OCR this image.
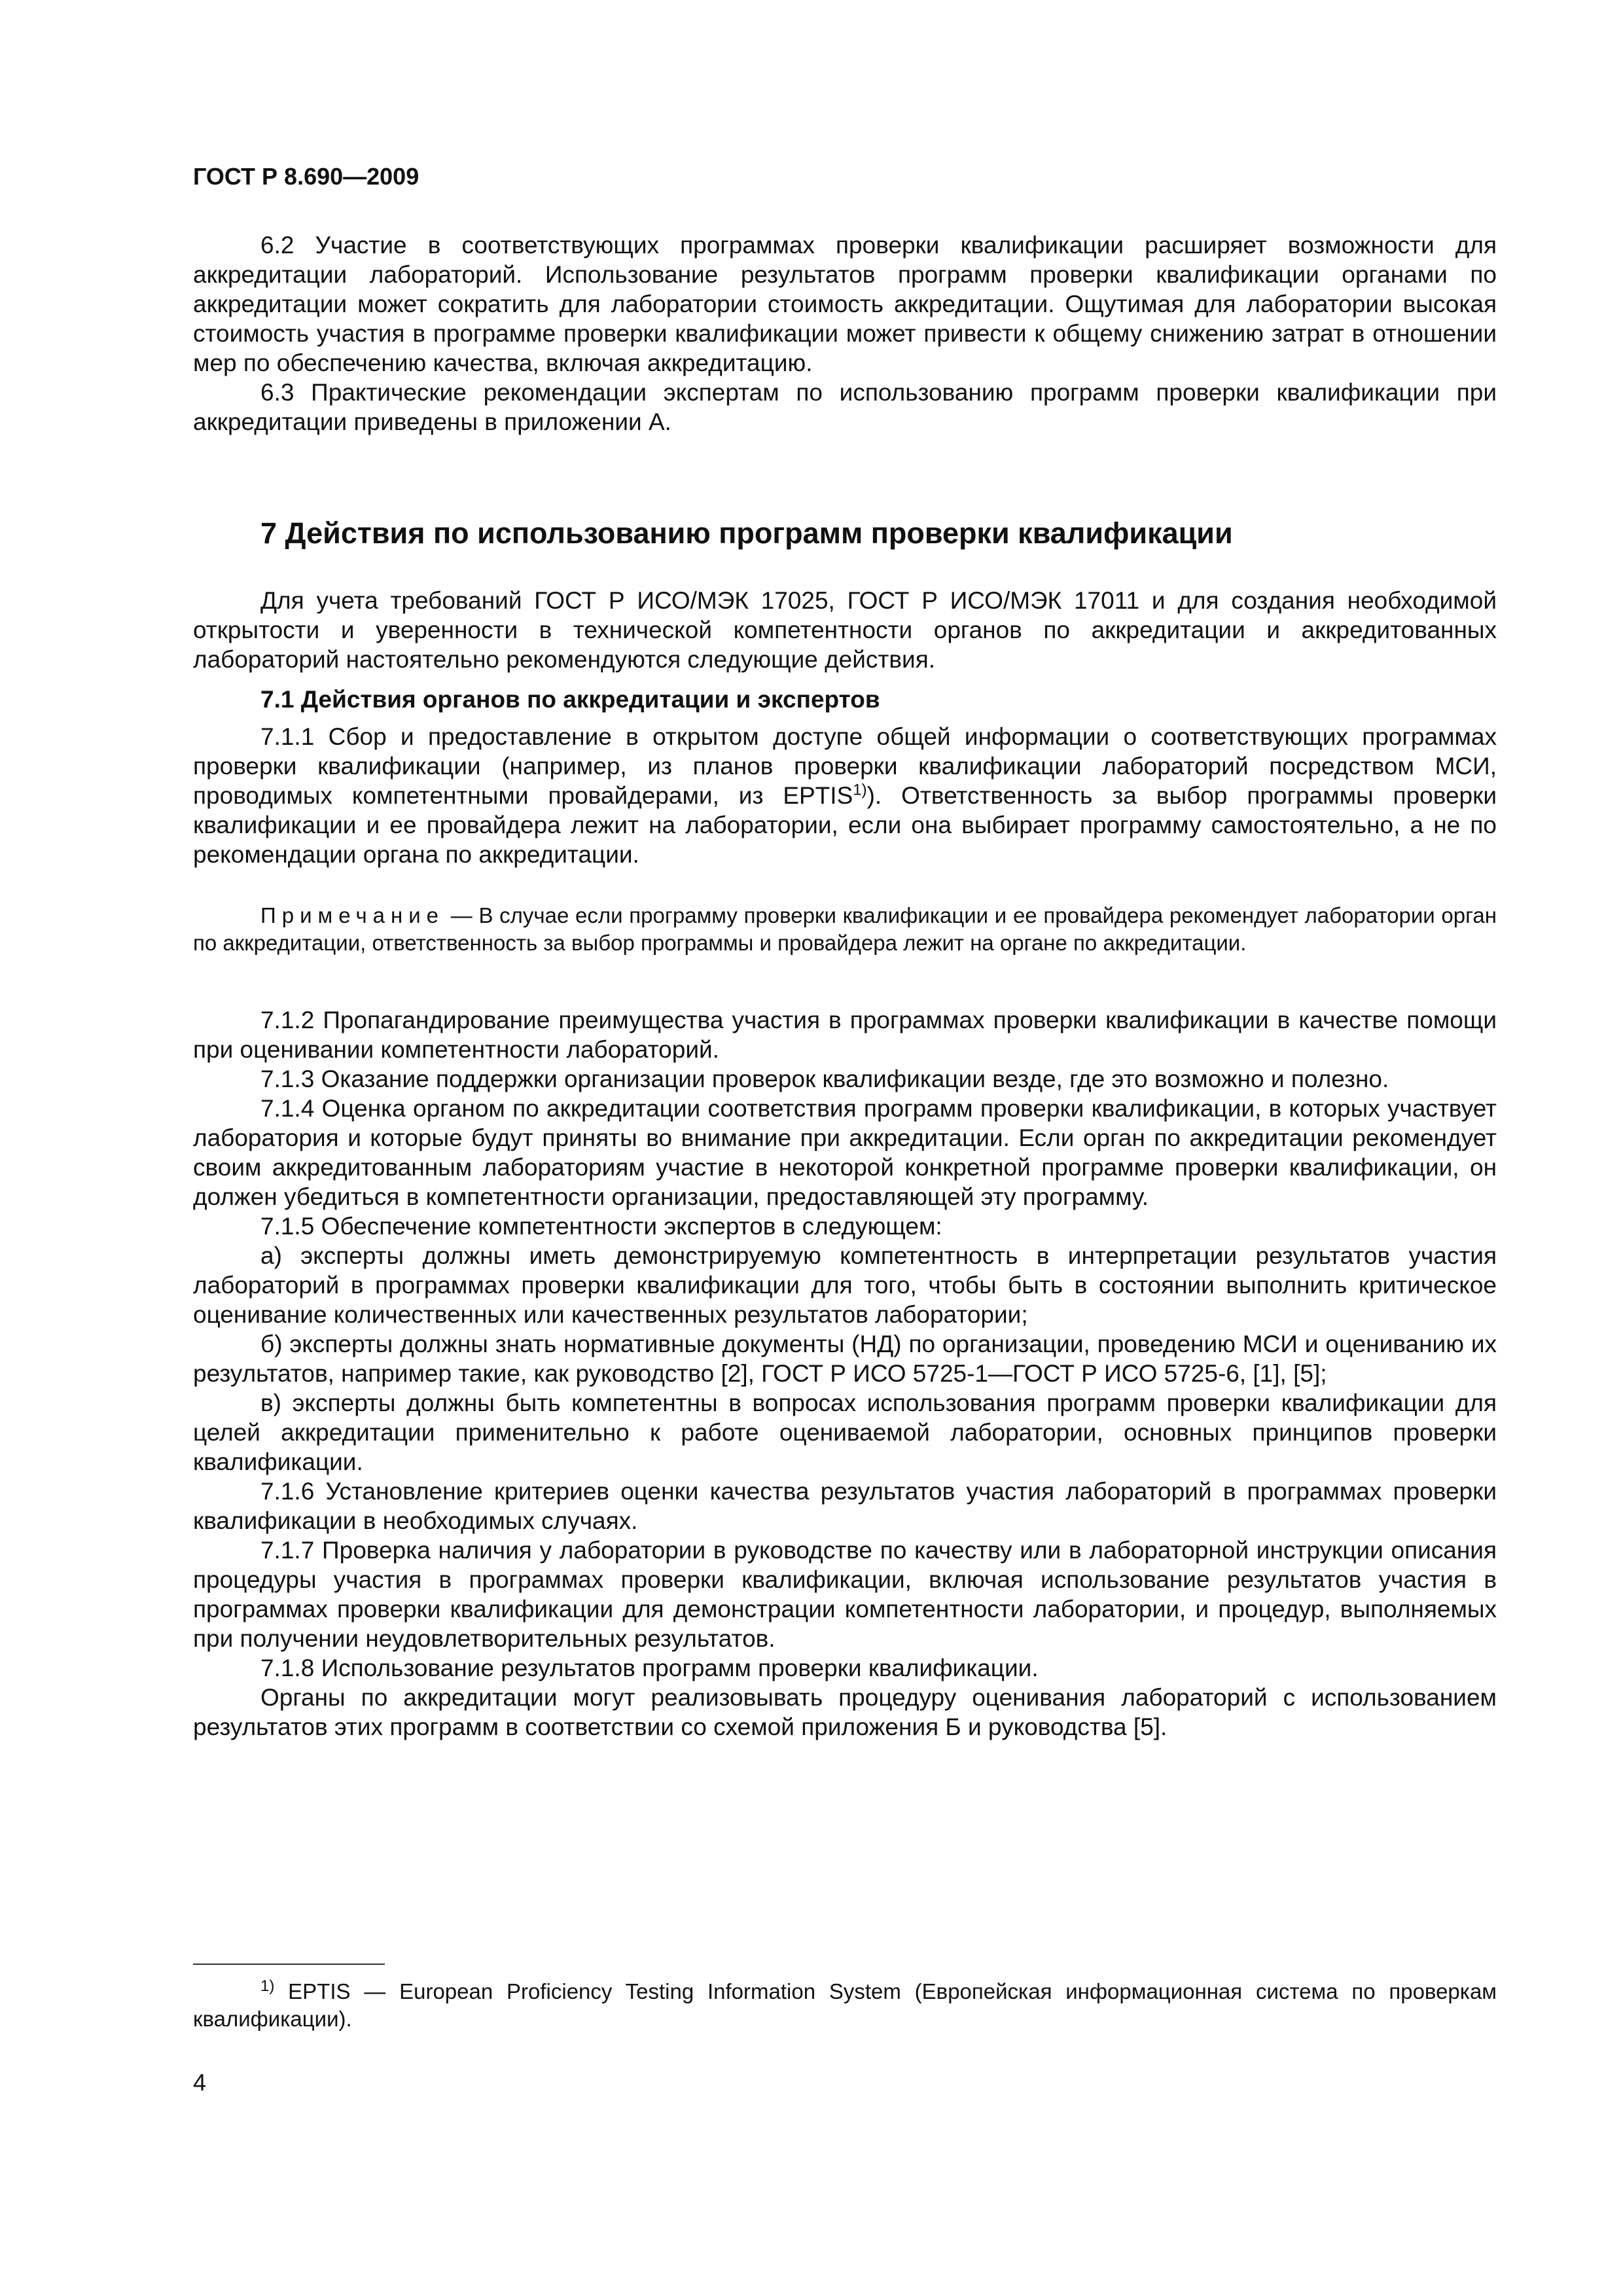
ГОСТ Р 8.690—2009

6.2 Участие в соответствующих программах проверки квалификации расширяет возможности для аккредитации лабораторий. Использование результатов программ проверки квалификации органами по аккредитации может сократить для лаборатории стоимость аккредитации. Ощутимая для лаборатории высокая стоимость участия в программе проверки квалификации может привести к общему снижению затрат в отношении мер по обеспечению качества, включая аккредитацию.

6.3 Практические рекомендации экспертам по использованию программ проверки квалификации при аккредитации приведены в приложении А.

7 Действия по использованию программ проверки квалификации

Для учета требований ГОСТ Р ИСО/МЭК 17025, ГОСТ Р ИСО/МЭК 17011 и для создания необходимой открытости и уверенности в технической компетентности органов по аккредитации и аккредитованных лабораторий настоятельно рекомендуются следующие действия.

7.1 Действия органов по аккредитации и экспертов

7.1.1 Сбор и предоставление в открытом доступе общей информации о соответствующих программах проверки квалификации (например, из планов проверки квалификации лабораторий посредством МСИ, проводимых компетентными провайдерами, из EPTIS$^{1)}$). Ответственность за выбор программы проверки квалификации и ее провайдера лежит на лаборатории, если она выбирает программу самостоятельно, а не по рекомендации органа по аккредитации.

Примечание — В случае если программу проверки квалификации и ее провайдера рекомендует лаборатории орган по аккредитации, ответственность за выбор программы и провайдера лежит на органе по аккредитации.

7.1.2 Пропагандирование преимущества участия в программах проверки квалификации в качестве помощи при оценивании компетентности лабораторий.

7.1.3 Оказание поддержки организации проверок квалификации везде, где это возможно и полезно.

7.1.4 Оценка органом по аккредитации соответствия программ проверки квалификации, в которых участвует лаборатория и которые будут приняты во внимание при аккредитации. Если орган по аккредитации рекомендует своим аккредитованным лабораториям участие в некоторой конкретной программе проверки квалификации, он должен убедиться в компетентности организации, предоставляющей эту программу.

7.1.5 Обеспечение компетентности экспертов в следующем:

а) эксперты должны иметь демонстрируемую компетентность в интерпретации результатов участия лабораторий в программах проверки квалификации для того, чтобы быть в состоянии выполнить критическое оценивание количественных или качественных результатов лаборатории;

б) эксперты должны знать нормативные документы (НД) по организации, проведению МСИ и оцениванию их результатов, например такие, как руководство [2], ГОСТ Р ИСО 5725-1—ГОСТ Р ИСО 5725-6, [1], [5];

в) эксперты должны быть компетентны в вопросах использования программ проверки квалификации для целей аккредитации применительно к работе оцениваемой лаборатории, основных принципов проверки квалификации.

7.1.6 Установление критериев оценки качества результатов участия лабораторий в программах проверки квалификации в необходимых случаях.

7.1.7 Проверка наличия у лаборатории в руководстве по качеству или в лабораторной инструкции описания процедуры участия в программах проверки квалификации, включая использование результатов участия в программах проверки квалификации для демонстрации компетентности лаборатории, и процедур, выполняемых при получении неудовлетворительных результатов.

7.1.8 Использование результатов программ проверки квалификации.

Органы по аккредитации могут реализовывать процедуру оценивания лабораторий с использованием результатов этих программ в соответствии со схемой приложения Б и руководства [5].

$^{1)}$ EPTIS — European Proficiency Testing Information System (Европейская информационная система по проверкам квалификации).

4
